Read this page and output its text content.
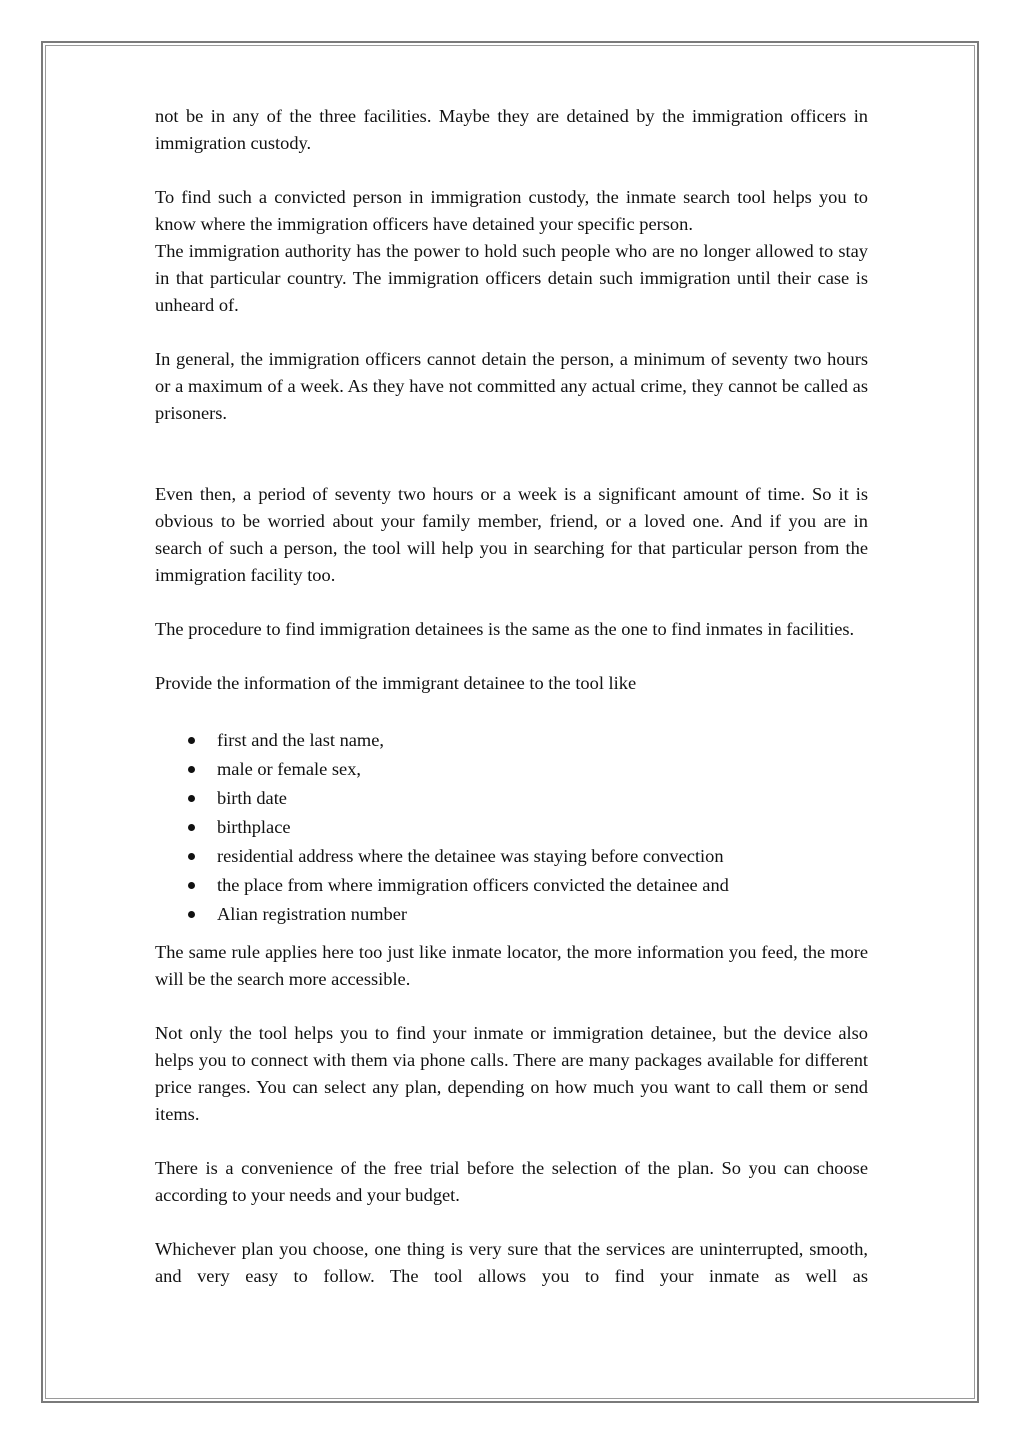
not be in any of the three facilities. Maybe they are detained by the immigration officers in immigration custody.

To find such a convicted person in immigration custody, the inmate search tool helps you to know where the immigration officers have detained your specific person.

The immigration authority has the power to hold such people who are no longer allowed to stay in that particular country. The immigration officers detain such immigration until their case is unheard of.

In general, the immigration officers cannot detain the person, a minimum of seventy two hours or a maximum of a week. As they have not committed any actual crime, they cannot be called as prisoners.

Even then, a period of seventy two hours or a week is a significant amount of time. So it is obvious to be worried about your family member, friend, or a loved one. And if you are in search of such a person, the tool will help you in searching for that particular person from the immigration facility too.

The procedure to find immigration detainees is the same as the one to find inmates in facilities.

Provide the information of the immigrant detainee to the tool like

first and the last name,
male or female sex,
birth date
birthplace
residential address where the detainee was staying before convection
the place from where immigration officers convicted the detainee and
Alian registration number

The same rule applies here too just like inmate locator, the more information you feed, the more will be the search more accessible.

Not only the tool helps you to find your inmate or immigration detainee, but the device also helps you to connect with them via phone calls. There are many packages available for different price ranges. You can select any plan, depending on how much you want to call them or send items.

There is a convenience of the free trial before the selection of the plan. So you can choose according to your needs and your budget.

Whichever plan you choose, one thing is very sure that the services are uninterrupted, smooth, and very easy to follow. The tool allows you to find your inmate as well as
